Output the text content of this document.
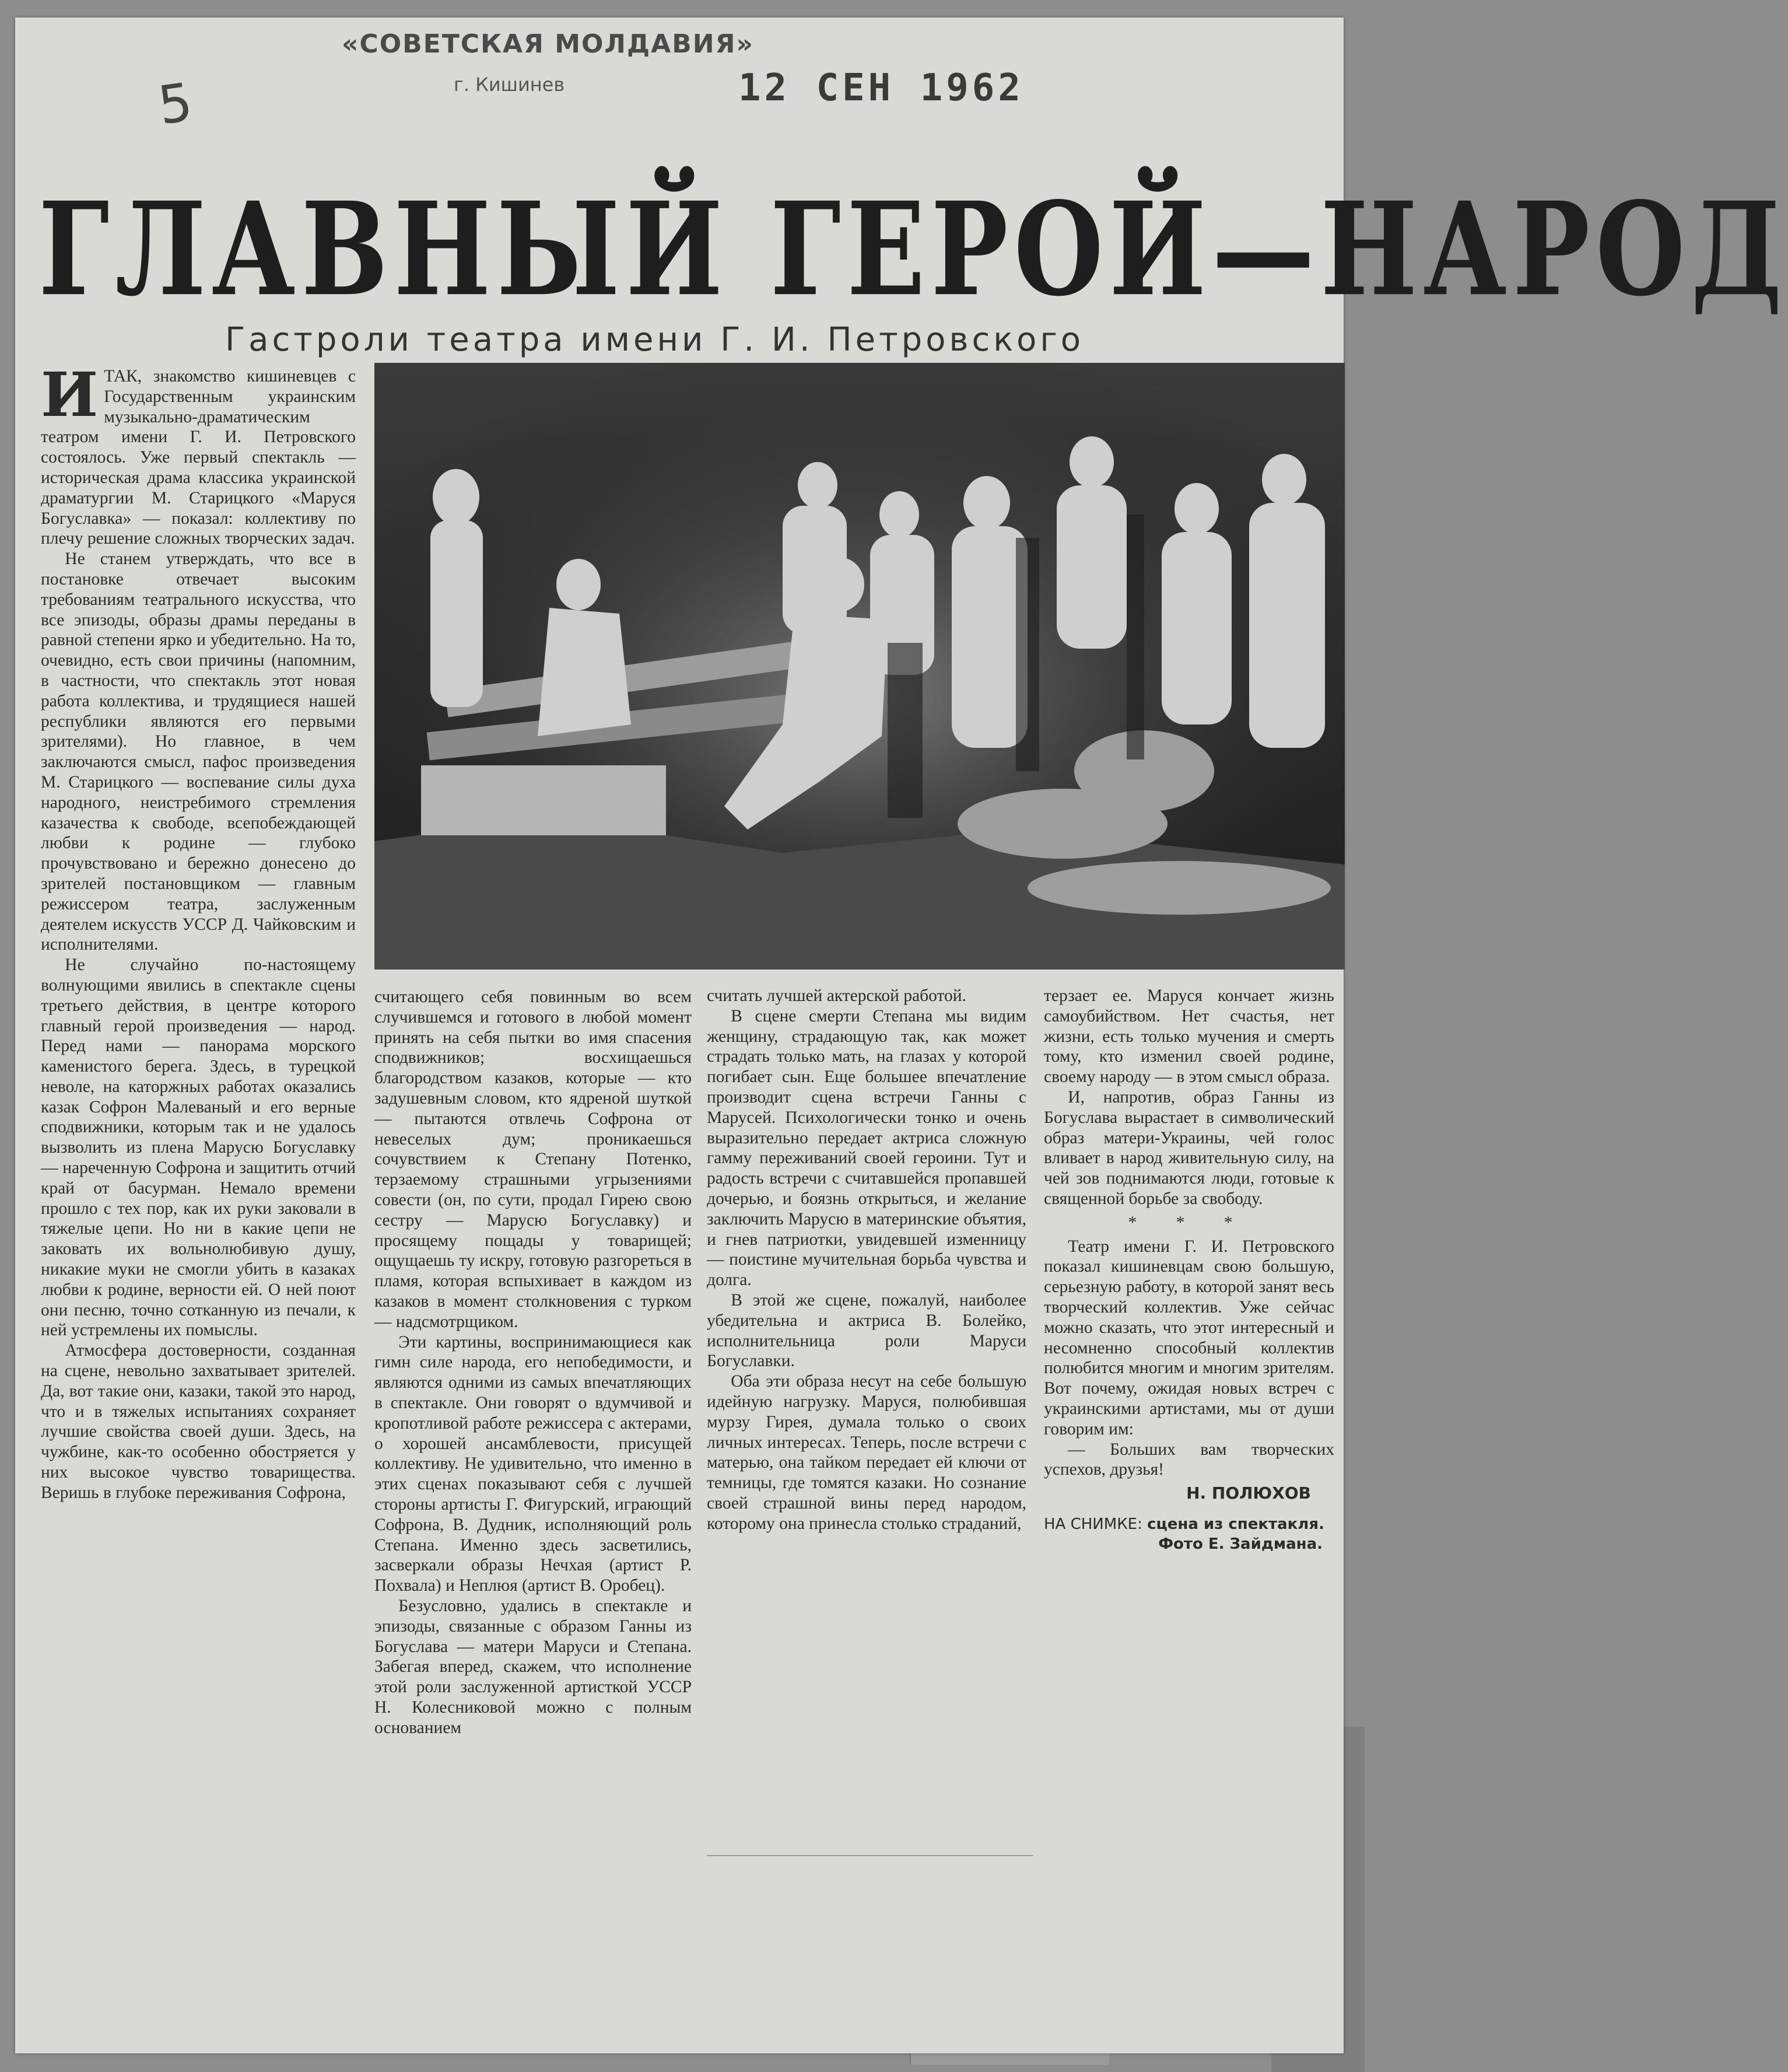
«СОВЕТСКАЯ МОЛДАВИЯ»
г. Кишинев	12 СЕН 1962
5
ГЛАВНЫЙ ГЕРОЙ—НАРОД
Гастроли театра имени Г. И. Петровского

ИТАК, знакомство кишиневцев с Государственным украинским музыкально-драматическим театром имени Г. И. Петровского состоялось. Уже первый спектакль — историческая драма классика украинской драматургии М. Старицкого «Маруся Богуславка» — показал: коллективу по плечу решение сложных творческих задач.

Не станем утверждать, что все в постановке отвечает высоким требованиям театрального искусства, что все эпизоды, образы драмы переданы в равной степени ярко и убедительно. На то, очевидно, есть свои причины (напомним, в частности, что спектакль этот новая работа коллектива, и трудящиеся нашей республики являются его первыми зрителями). Но главное, в чем заключаются смысл, пафос произведения М. Старицкого — воспевание силы духа народного, неистребимого стремления казачества к свободе, всепобеждающей любви к родине — глубоко прочувствовано и бережно донесено до зрителей постановщиком — главным режиссером театра, заслуженным деятелем искусств УССР Д. Чайковским и исполнителями.

Не случайно по-настоящему волнующими явились в спектакле сцены третьего действия, в центре которого главный герой произведения — народ. Перед нами — панорама морского каменистого берега. Здесь, в турецкой неволе, на каторжных работах оказались казак Софрон Малеваный и его верные сподвижники, которым так и не удалось вызволить из плена Марусю Богуславку — нареченную Софрона и защитить отчий край от басурман. Немало времени прошло с тех пор, как их руки заковали в тяжелые цепи. Но ни в какие цепи не заковать их вольнолюбивую душу, никакие муки не смогли убить в казаках любви к родине, верности ей. О ней поют они песню, точно сотканную из печали, к ней устремлены их помыслы.

Атмосфера достоверности, созданная на сцене, невольно захватывает зрителей. Да, вот такие они, казаки, такой это народ, что и в тяжелых испытаниях сохраняет лучшие свойства своей души. Здесь, на чужбине, как-то особенно обостряется у них высокое чувство товарищества. Веришь в глубоке переживания Софрона,

считающего себя повинным во всем случившемся и готового в любой момент принять на себя пытки во имя спасения сподвижников; восхищаешься благородством казаков, которые — кто задушевным словом, кто ядреной шуткой — пытаются отвлечь Софрона от невеселых дум; проникаешься сочувствием к Степану Потенко, терзаемому страшными угрызениями совести (он, по сути, продал Гирею свою сестру — Марусю Богуславку) и просящему пощады у товарищей; ощущаешь ту искру, готовую разгореться в пламя, которая вспыхивает в каждом из казаков в момент столкновения с турком — надсмотрщиком.

Эти картины, воспринимающиеся как гимн силе народа, его непобедимости, и являются одними из самых впечатляющих в спектакле. Они говорят о вдумчивой и кропотливой работе режиссера с актерами, о хорошей ансамблевости, присущей коллективу. Не удивительно, что именно в этих сценах показывают себя с лучшей стороны артисты Г. Фигурский, играющий Софрона, В. Дудник, исполняющий роль Степана. Именно здесь засветились, засверкали образы Нечхая (артист Р. Похвала) и Неплюя (артист В. Оробец).

Безусловно, удались в спектакле и эпизоды, связанные с образом Ганны из Богуслава — матери Маруси и Степана. Забегая вперед, скажем, что исполнение этой роли заслуженной артисткой УССР Н. Колесниковой можно с полным основанием

считать лучшей актерской работой.

В сцене смерти Степана мы видим женщину, страдающую так, как может страдать только мать, на глазах у которой погибает сын. Еще большее впечатление производит сцена встречи Ганны с Марусей. Психологически тонко и очень выразительно передает актриса сложную гамму переживаний своей героини. Тут и радость встречи с считавшейся пропавшей дочерью, и боязнь открыться, и желание заключить Марусю в материнские объятия, и гнев патриотки, увидевшей изменницу — поистине мучительная борьба чувства и долга.

В этой же сцене, пожалуй, наиболее убедительна и актриса В. Болейко, исполнительница роли Маруси Богуславки.

Оба эти образа несут на себе большую идейную нагрузку. Маруся, полюбившая мурзу Гирея, думала только о своих личных интересах. Теперь, после встречи с матерью, она тайком передает ей ключи от темницы, где томятся казаки. Но сознание своей страшной вины перед народом, которому она принесла столько страданий,

терзает ее. Маруся кончает жизнь самоубийством. Нет счастья, нет жизни, есть только мучения и смерть тому, кто изменил своей родине, своему народу — в этом смысл образа.

И, напротив, образ Ганны из Богуслава вырастает в символический образ матери-Украины, чей голос вливает в народ живительную силу, на чей зов поднимаются люди, готовые к священной борьбе за свободу.

* * *

Театр имени Г. И. Петровского показал кишиневцам свою большую, серьезную работу, в которой занят весь творческий коллектив. Уже сейчас можно сказать, что этот интересный и несомненно способный коллектив полюбится многим и многим зрителям. Вот почему, ожидая новых встреч с украинскими артистами, мы от души говорим им:

— Больших вам творческих успехов, друзья!

Н. ПОЛЮХОВ
НА СНИМКЕ: сцена из спектакля.
Фото Е. Зайдмана.
